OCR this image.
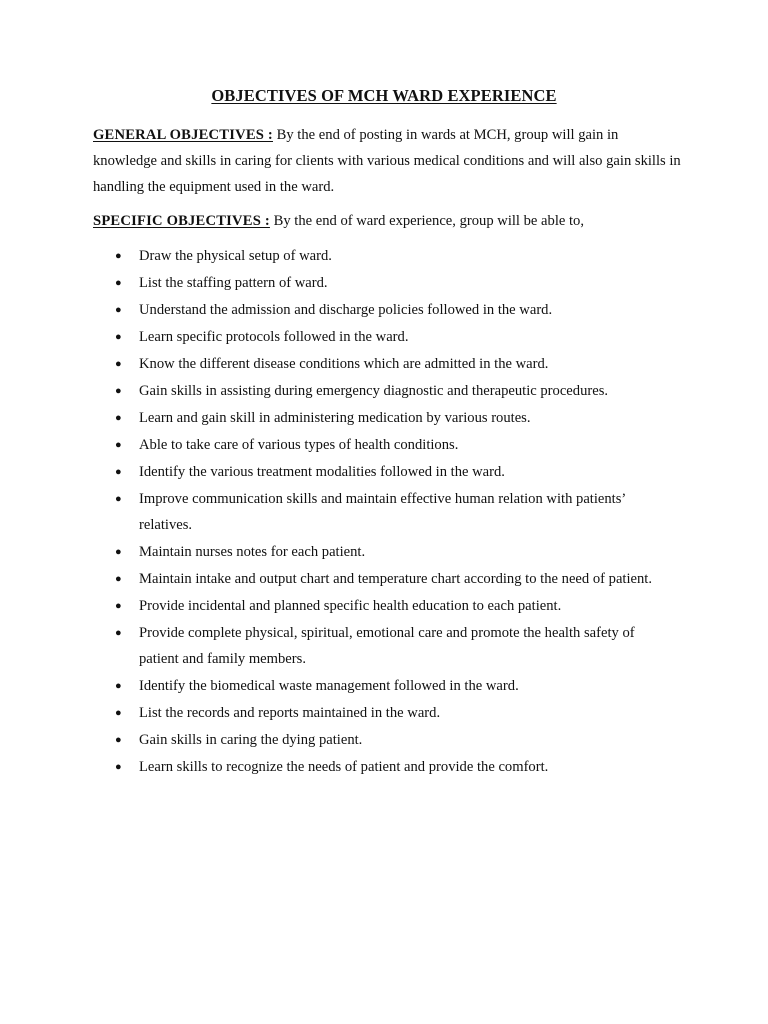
OBJECTIVES OF MCH WARD EXPERIENCE

GENERAL OBJECTIVES : By the end of posting in wards at MCH, group will gain in knowledge and skills in caring for clients with various medical conditions and will also gain skills in handling the equipment used in the ward.

SPECIFIC OBJECTIVES : By the end of ward experience, group will be able to,

● Draw the physical setup of ward.
● List the staffing pattern of ward.
● Understand the admission and discharge policies followed in the ward.
● Learn specific protocols followed in the ward.
● Know the different disease conditions which are admitted in the ward.
● Gain skills in assisting during emergency diagnostic and therapeutic procedures.
● Learn and gain skill in administering medication by various routes.
● Able to take care of various types of health conditions.
● Identify the various treatment modalities followed in the ward.
● Improve communication skills and maintain effective human relation with patients’ relatives.
● Maintain nurses notes for each patient.
● Maintain intake and output chart and temperature chart according to the need of patient.
● Provide incidental and planned specific health education to each patient.
● Provide complete physical, spiritual, emotional care and promote the health safety of patient and family members.
● Identify the biomedical waste management followed in the ward.
● List the records and reports maintained in the ward.
● Gain skills in caring the dying patient.
● Learn skills to recognize the needs of patient and provide the comfort.
